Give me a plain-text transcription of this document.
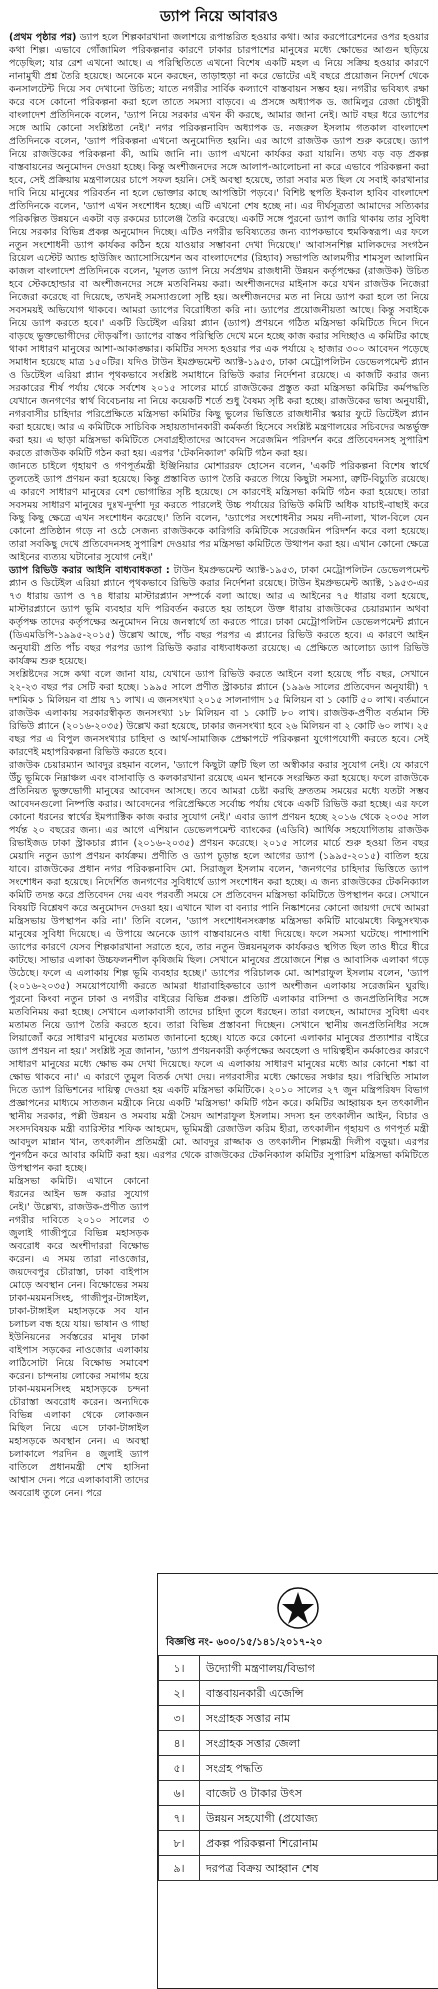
ড্যাপ নিয়ে আবারও

(প্রথম পৃষ্ঠার পর) ড্যাপ হলে শিল্পকারখানা জলাশয়ে রূপান্তরিত হওয়ার কথা। আর করপোরেশনের ওপর হওয়ার কথা শিল্প। এভাবে গোঁজামিল পরিকল্পনার কারণে ঢাকার চারপাশের মানুষের মধ্যে ক্ষোভের আগুন ছড়িয়ে পড়েছিল; যার রেশ এখনো আছে। এ পরিস্থিতিতে এখনো বিশেষ একটি মহল এ নিয়ে সক্রিয় হওয়ার কারণে নানামুখী প্রশ্ন তৈরি হয়েছে। অনেকে মনে করছেন, তাড়াহুড়া না করে ভোটের এই বছরে প্রয়োজন নিদের্শ থেকে কনসালটেন্ট দিয়ে সব দেখানো উচিত; যাতে নগরীর সার্বিক কল্যাণে বাস্তবায়ন সম্ভব হয়। নগরীর ভবিষ্যৎ রক্ষা করে বসে কোনো পরিকল্পনা করা হলে তাতে সমস্যা বাড়বে। এ প্রসঙ্গে অধ্যাপক ড. জামিলুর রেজা চৌধুরী বাংলাদেশ প্রতিদিনকে বলেন, 'ড্যাপ নিয়ে সরকার এখন কী করছে, আমার জানা নেই। আট বছর ধরে ড্যাপের সঙ্গে আমি কোনো সংশ্লিষ্টতা নেই।' নগর পরিকল্পনাবিদ অধ্যাপক ড. নজরুল ইসলাম গতকাল বাংলাদেশ প্রতিদিনকে বলেন, 'ড্যাপ পরিকল্পনা এখনো অনুমোদিত হয়নি। এর আগে রাজউক ড্যাপ শুরু করেছে। ড্যাপ নিয়ে রাজউকের পরিকল্পনা কী, আমি জানি না। ড্যাপ এখনো কার্যকর করা যায়নি। তথ্য বড় বড় প্রকল্প বাস্তবায়নের অনুমোদন দেওয়া হচ্ছে। কিন্তু অংশীজনদের সঙ্গে আলাপ-আলোচনা না করে এভাবে পরিকল্পনা করা হবে, সেই প্রক্রিয়ায় মন্ত্রণালয়ের চাপে সফল হয়নি। সেই অবস্থা হয়েছে, তারা সবার মত ছিল যে সবাই কারখানার দাবি নিয়ে মানুষের পরিবর্তন না হলে ভোক্তার কাছে আপত্তিটা পড়বে।' বিশিষ্ট স্থপতি ইকবাল হাবিব বাংলাদেশ প্রতিদিনকে বলেন, 'ড্যাপ এখন সংশোধন হচ্ছে। এটি এখনো শেষ হচ্ছে না। এর দীর্ঘসূত্রতা আমাদের সত্যিকার পরিকল্পিত উন্নয়নে একটা বড় রকমের চ্যালেঞ্জ তৈরি করেছে। একটি সঙ্গে পুরনো ড্যাপ জারি থাকায় তার সুবিধা নিয়ে সরকার বিভিন্ন প্রকল্প অনুমোদন দিচ্ছে। এটিও নগরীর ভবিষ্যতের জন্য ব্যাপকভাবে হুমকিস্বরূপ। এর ফলে নতুন সংশোধনী ড্যাপ কার্যকর কঠিন হয়ে যাওয়ার সম্ভাবনা দেখা দিয়েছে।' আবাসনশিল্প মালিকদের সংগঠন রিয়েল এস্টেট অ্যান্ড হাউজিং অ্যাসোসিয়েশন অব বাংলাদেশের (রিহ্যাব) সভাপতি আলমগীর শামসুল আলামিন কাজল বাংলাদেশ প্রতিদিনকে বলেন, 'মূলত ড্যাপ নিয়ে সর্বপ্রথম রাজধানী উন্নয়ন কর্তৃপক্ষের (রাজউক) উচিত হবে স্টেকহোল্ডার বা অংশীজনদের সঙ্গে মতবিনিময় করা। অংশীজনদের মাইনাস করে যখন রাজউক নিজেরা নিজেরা করেছে বা দিয়েছে, তখনই সমস্যাগুলো সৃষ্টি হয়। অংশীজনদের মত না নিয়ে ড্যাপ করা হলে তা নিয়ে সবসময়ই অভিযোগ থাকবে। আমরা ড্যাপের বিরোধিতা করি না। ড্যাপের প্রয়োজনীয়তা আছে। কিন্তু সবাইকে নিয়ে ড্যাপ করতে হবে।' একটি ডিটেইল এরিয়া প্ল্যান (ড্যাপ) প্রণয়নে গঠিত মন্ত্রিসভা কমিটিতে দিনে দিনে বাড়ছে ভুক্তভোগীদের দৌড়ঝাঁপ। ড্যাপের বাস্তব পরিস্থিতি দেখে মনে হচ্ছে কাজ করার সদিচ্ছাও এ কমিটির কাছে থাকা সাধারণ মানুষের আশা-আকাঙ্ক্ষার। কমিটির সদস্য হওয়ার পর এক পর্যায়ে ২ হাজার ৩০০ আবেদন পড়েছে সমাধান হয়েছে মাত্র ১৫০টির। যদিও টাউন ইমপ্রুভমেন্ট অ্যাক্ট-১৯৫৩, ঢাকা মেট্রোপলিটন ডেভেলপমেন্ট প্ল্যান ও ডিটেইল এরিয়া প্ল্যান পৃথকভাবে সংশ্লিষ্ট সমাধানে রিভিউ করার নির্দেশনা রয়েছে। এ কাজটি করার জন্য সরকারের শীর্ষ পর্যায় থেকে সর্বশেষ ২০১৫ সালের মার্চে রাজউকের প্রস্তুত করা মন্ত্রিসভা কমিটির কর্মপদ্ধতি যেখানে জনগণের স্বার্থ বিবেচনায় না নিয়ে কয়েকটি শর্তে শুধু বৈষম্য সৃষ্টি করা হচ্ছে। রাজউকের ভাষ্য অনুযায়ী, নগরবাসীর চাহিদার পরিপ্রেক্ষিতে মন্ত্রিসভা কমিটির কিছু ভুলের ভিত্তিতে রাজধানীর স্কয়ার ফুটে ডিটেইল প্ল্যান করা হয়েছে। আর এ কমিটিকে সাচিবিক সহায়তাদানকারী কর্মকর্তা হিসেবে সংশ্লিষ্ট মন্ত্রণালয়ের সচিবদের অন্তর্ভুক্ত করা হয়। এ ছাড়া মন্ত্রিসভা কমিটিতে সেবাগ্রহীতাদের আবেদন সরেজমিন পরিদর্শন করে প্রতিবেদনসহ সুপারিশ করতে রাজউক কমিটি গঠন করা হয়। এরপর 'টেকনিক্যাল' কমিটি গঠন করা হয়।

জানতে চাইলে গৃহায়ণ ও গণপূর্তমন্ত্রী ইঞ্জিনিয়ার মোশাররফ হোসেন বলেন, 'একটি পরিকল্পনা বিশেষ স্বার্থে তুলতেই ড্যাপ প্রণয়ন করা হয়েছে। কিন্তু প্রস্তাবিত ড্যাপ তৈরি করতে গিয়ে কিছুটা সমস্যা, ত্রুটি-বিচ্যুতি রয়েছে। এ কারণে সাধারণ মানুষের বেশ ভোগান্তির সৃষ্টি হয়েছে। সে কারণেই মন্ত্রিসভা কমিটি গঠন করা হয়েছে। তারা সবসময় সাধারণ মানুষের দুঃখ-দুর্দশা দূর করতে পারলেই উচ্চ পর্যায়ের রিভিউ কমিটি অধিক যাচাই-বাছাই করে কিছু কিছু ক্ষেত্রে এখন সংশোধন করেছে।' তিনি বলেন, 'ড্যাপের সংশোধনীর সময় নদী-নালা, খাল-বিলে যেন কোনো প্রতিষ্ঠান গড়ে না ওঠে সেজন্য রাজউককে কারিগরি কমিটিকে সরেজমিন পরিদর্শন করে বলা হয়েছে। তারা সবকিছু দেখে প্রতিবেদনসহ সুপারিশ দেওয়ার পর মন্ত্রিসভা কমিটিতে উত্থাপন করা হয়। এখান কোনো ক্ষেত্রে আইনের ব্যত্যয় ঘটানোর সুযোগ নেই।'

ড্যাপ রিভিউ করার আইনি বাধ্যবাধকতা : টাউন ইমপ্রুভমেন্ট অ্যাক্ট-১৯৫৩, ঢাকা মেট্রোপলিটন ডেভেলপমেন্ট প্ল্যান ও ডিটেইল এরিয়া প্ল্যানে পৃথকভাবে রিভিউ করার নির্দেশনা রয়েছে। টাউন ইমপ্রুভমেন্ট অ্যাক্ট, ১৯৫৩-এর ৭৩ ধারায় ড্যাপ ও ৭৪ ধারায় মাস্টারপ্ল্যান সম্পর্কে বলা আছে। আর এ আইনের ৭৫ ধারায় বলা হয়েছে, মাস্টারপ্ল্যানে ড্যাপ ভূমি ব্যবহার যদি পরিবর্তন করতে হয় তাহলে উক্ত ধারায় রাজউকের চেয়ারম্যান অথবা কর্তৃপক্ষ তাদের কর্তৃপক্ষের অনুমোদন নিয়ে জনস্বার্থে তা করতে পারে। ঢাকা মেট্রোপলিটন ডেভেলপমেন্ট প্ল্যানে (ডিএমডিপি-১৯৯৫-২০১৫) উল্লেখ আছে, পাঁচ বছর পরপর এ প্ল্যানের রিভিউ করতে হবে। এ কারণে আইন অনুযায়ী প্রতি পাঁচ বছর পরপর ড্যাপ রিভিউ করার বাধ্যবাধকতা রয়েছে। এ প্রেক্ষিতে আলোচ্য ড্যাপ রিভিউ কার্যক্রম শুরু হয়েছে।

সংশ্লিষ্টদের সঙ্গে কথা বলে জানা যায়, যেখানে ড্যাপ রিভিউ করতে আইনে বলা হয়েছে পাঁচ বছর, সেখানে ২২-২৩ বছর পর সেটি করা হচ্ছে। ১৯৯৫ সালে প্রণীত স্ট্রাকচার প্ল্যানে (১৯৯৬ সালের প্রতিবেদন অনুযায়ী) ৭ দশমিক ১ মিলিয়ন বা প্রায় ৭১ লাখ। এ জনসংখ্যা ২০১৫ সালনাগাদ ১৫ মিলিয়ন বা ১ কোটি ৫০ লাখ। বর্তমানে রাজউক এলাকায় সরকারস্বীকৃত জনসংখ্যা ১৮ মিলিয়ন বা ১ কোটি ৮০ লাখ। রাজউক-প্রণীত বর্তমান স্টি রিভিউ প্ল্যানে (২০১৬-২০৩৫) উল্লেখ করা হয়েছে, ঢাকার জনসংখ্যা হবে ২৬ মিলিয়ন বা ২ কোটি ৬০ লাখ। ২৫ বছর পর এ বিপুল জনসংখ্যার চাহিদা ও আর্থ-সামাজিক প্রেক্ষাপটে পরিকল্পনা যুগোপযোগী করতে হবে। সেই কারণেই মহাপরিকল্পনা রিভিউ করতে হবে।

রাজউক চেয়ারম্যান আবদুর রহমান বলেন, 'ড্যাপে কিছুটা ত্রুটি ছিল তা অস্বীকার করার সুযোগ নেই। যে কারণে উঁচু ভূমিকে নিম্নাঞ্চল এবং বাসাবাড়ি ও কলকারখানা রয়েছে এমন স্থানকে সংরক্ষিত করা হয়েছে। ফলে রাজউকে প্রতিনিয়ত ভুক্তভোগী মানুষের আবেদন আসছে। তবে আমরা চেষ্টা করছি দ্রুততম সময়ের মধ্যে যতটা সম্ভব আবেদনগুলো নিষ্পত্তি করার। আবেদনের পরিপ্রেক্ষিতে সর্বোচ্চ পর্যায় থেকে একটি রিভিউ করা হচ্ছে। এর ফলে কোনো ধরনের স্বার্থের ইমপ্যাক্টিক কাজ করার সুযোগ নেই।' এবার ড্যাপ প্রণয়ন হচ্ছে ২০১৬ থেকে ২০৩৫ সাল পর্যন্ত ২০ বছরের জন্য। এর আগে এশিয়ান ডেভেলপমেন্ট ব্যাংকের (এডিবি) আর্থিক সহযোগিতায় রাজউক রিভাইজড ঢাকা স্ট্রাকচার প্ল্যান (২০১৬-২০৩৫) প্রণয়ন করেছে। ২০১৫ সালের মার্চে শুরু হওয়া তিন বছর মেয়াদি নতুন ড্যাপ প্রণয়ন কার্যক্রম। প্রণীতি ও ড্যাপ চূড়ান্ত হলে আগের ড্যাপ (১৯৯৫-২০১৫) বাতিল হয়ে যাবে। রাজউকের প্রধান নগর পরিকল্পনাবিদ মো. সিরাজুল ইসলাম বলেন, 'জনগণের চাহিদার ভিত্তিতে ড্যাপ সংশোধন করা হয়েছে। নিদের্শিত জনগণের সুবিধার্থে ড্যাপ সংশোধন করা হচ্ছে। এ জন্য রাজউকের টেকনিক্যাল কমিটি তদন্ত করে প্রতিবেদন দেয় এবং পরবর্তী সময়ে সে প্রতিবেদন মন্ত্রিসভা কমিটিতে উপস্থাপন করে। সেখানে বিষয়টি বিশ্লেষণ করে অনুমোদন দেওয়া হয়। এখানে খাল বা বন্যার পানি নিষ্কাশনের কোনো জায়গা দেখে আমরা মন্ত্রিসভায় উপস্থাপন করি না।' তিনি বলেন, 'ড্যাপ সংশোধনসংক্রান্ত মন্ত্রিসভা কমিটি মাঝেমধ্যে কিছুসংখ্যক মানুষের সুবিধা দিয়েছে। এ উপায়ে অনেকে ড্যাপ বাস্তবায়নেও বাধা দিয়েছে। ফলে সমস্যা ঘটেছে। পাশাপাশি ড্যাপের কারণে যেসব শিল্পকারখানা সরাতে হবে, তার নতুন উন্নয়নমূলক কার্যকরও স্থগিত ছিল তাও ধীরে ধীরে কাটছে। সাভার এলাকা উচ্চফলনশীল কৃষিজমি ছিল। সেখানে মানুষের প্রয়োজনে শিল্প ও আবাসিক এলাকা গড়ে উঠেছে। ফলে এ এলাকায় শিল্প ভূমি ব্যবহার হচ্ছে।' ড্যাপের পরিচালক মো. আশরাফুল ইসলাম বলেন, 'ড্যাপ (২০১৬-২০৩৫) সময়োপযোগী করতে আমরা ধারাবাহিকভাবে ড্যাপ অংশীজন এলাকায় সরেজমিন ঘুরছি। পুরনো কিংবা নতুন ঢাকা ও নগরীর বাইরের বিভিন্ন প্রকল্প। প্রতিটি এলাকার বাসিন্দা ও জনপ্রতিনিধির সঙ্গে মতবিনিময় করা হচ্ছে। সেখানে এলাকাবাসী তাদের চাহিদা তুলে ধরছেন। তারা বলছেন, আমাদের সুবিধা এবং মতামত নিয়ে ড্যাপ তৈরি করতে হবে। তারা বিভিন্ন প্রস্তাবনা দিচ্ছেন। সেখানে স্থানীয় জনপ্রতিনিধির সঙ্গে লিয়াজোঁ করে সাধারণ মানুষের মতামত জানানো হচ্ছে। যাতে করে কোনো এলাকার মানুষের প্রত্যাশার বাইরে ড্যাপ প্রণয়ন না হয়।' সংশ্লিষ্ট সূত্র জানান, 'ড্যাপ প্রণয়নকারী কর্তৃপক্ষের অবহেলা ও দায়িত্বহীন কর্মকাণ্ডের কারণে সাধারণ মানুষের মধ্যে ক্ষোভ কম দেখা দিয়েছে। ফলে এ এলাকায় সাধারণ মানুষের মধ্যে আর কোনো শঙ্কা বা ক্ষোভ থাকবে না।' এ কারণে তুমুল বিতর্ক দেখা দেয়। নগরবাসীর মধ্যে ক্ষোভের সঞ্চার হয়। পরিস্থিতি সামাল দিতে ড্যাপ রিভিশনের দায়িত্ব দেওয়া হয় একটি মন্ত্রিসভা কমিটিকে। ২০১০ সালের ২৭ জুন মন্ত্রিপরিষদ বিভাগ প্রজ্ঞাপনের মাধ্যমে সাতজন মন্ত্রীকে নিয়ে একটি 'মন্ত্রিসভা' কমিটি গঠন করে। কমিটির আহ্বায়ক হন তৎকালীন স্থানীয় সরকার, পল্লী উন্নয়ন ও সমবায় মন্ত্রী সৈয়দ আশরাফুল ইসলাম। সদস্য হন তৎকালীন আইন, বিচার ও সংসদবিষয়ক মন্ত্রী ব্যারিস্টার শফিক আহমেদ, ভূমিমন্ত্রী রেজাউল করিম হীরা, তৎকালীন গৃহায়ণ ও গণপূর্ত মন্ত্রী আবদুল মান্নান খান, তৎকালীন প্রতিমন্ত্রী মো. আবদুর রাজ্জাক ও তৎকালীন শিল্পমন্ত্রী দিলীপ বড়ুয়া। এরপর পুনর্গঠন করে আবার কমিটি করা হয়। এরপর থেকে রাজউকের টেকনিক্যাল কমিটির সুপারিশ মন্ত্রিসভা কমিটিতে উপস্থাপন করা হচ্ছে।

মন্ত্রিসভা কমিটি। এখানে কোনো ধরনের আইন ভঙ্গ করার সুযোগ নেই।' উল্লেখ্য, রাজউক-প্রণীত ড্যাপ নগরীর দাবিতে ২০১০ সালের ৩ জুলাই গাজীপুরে বিভিন্ন মহাসড়ক অবরোধ করে অংশীদাররা বিক্ষোভ করেন। এ সময় তারা নাওজোর, জয়দেবপুর চৌরাস্তা, ঢাকা বাইপাস মোড়ে অবস্থান নেন। বিক্ষোভের সময় ঢাকা-ময়মনসিংহ, গাজীপুর-টাঙ্গাইল, ঢাকা-টাঙ্গাইল মহাসড়কে সব যান চলাচল বন্ধ হয়ে যায়। ভাষান ও গাছা ইউনিয়নের সর্বস্তরের মানুষ ঢাকা বাইপাস সড়কের নাওজোর এলাকায় লাঠিসোটা নিয়ে বিক্ষোভ সমাবেশ করেন। চান্দনায় লোকের সমাগম হয়ে ঢাকা-ময়মনসিংহ মহাসড়কে চন্দনা চৌরাস্তা অবরোধ করেন। অন্যদিকে বিভিন্ন এলাকা থেকে লোকজন মিছিল নিয়ে এসে ঢাকা-টাঙ্গাইল মহাসড়কে অবস্থান নেন। এ অবস্থা চলাকালে পরদিন ৪ জুলাই ড্যাপ বাতিলে প্রধানমন্ত্রী শেখ হাসিনা আশ্বাস দেন। পরে এলাকাবাসী তাদের অবরোধ তুলে নেন। পরে

বিজ্ঞপ্তি নং- ৬০০/১৫/১৪১/২০১৭-২০
১।	উদ্যোগী মন্ত্রণালয়/বিভাগ
২।	বাস্তবায়নকারী এজেন্সি
৩।	সংগ্রাহক সত্তার নাম
৪।	সংগ্রাহক সত্তার জেলা
৫।	সংগ্রহ পদ্ধতি
৬।	বাজেট ও টাকার উৎস
৭।	উন্নয়ন সহযোগী (প্রযোজ্য
৮।	প্রকল্প পরিকল্পনা শিরোনাম
৯।	দরপত্র বিক্রয় আহ্বান শেষ
